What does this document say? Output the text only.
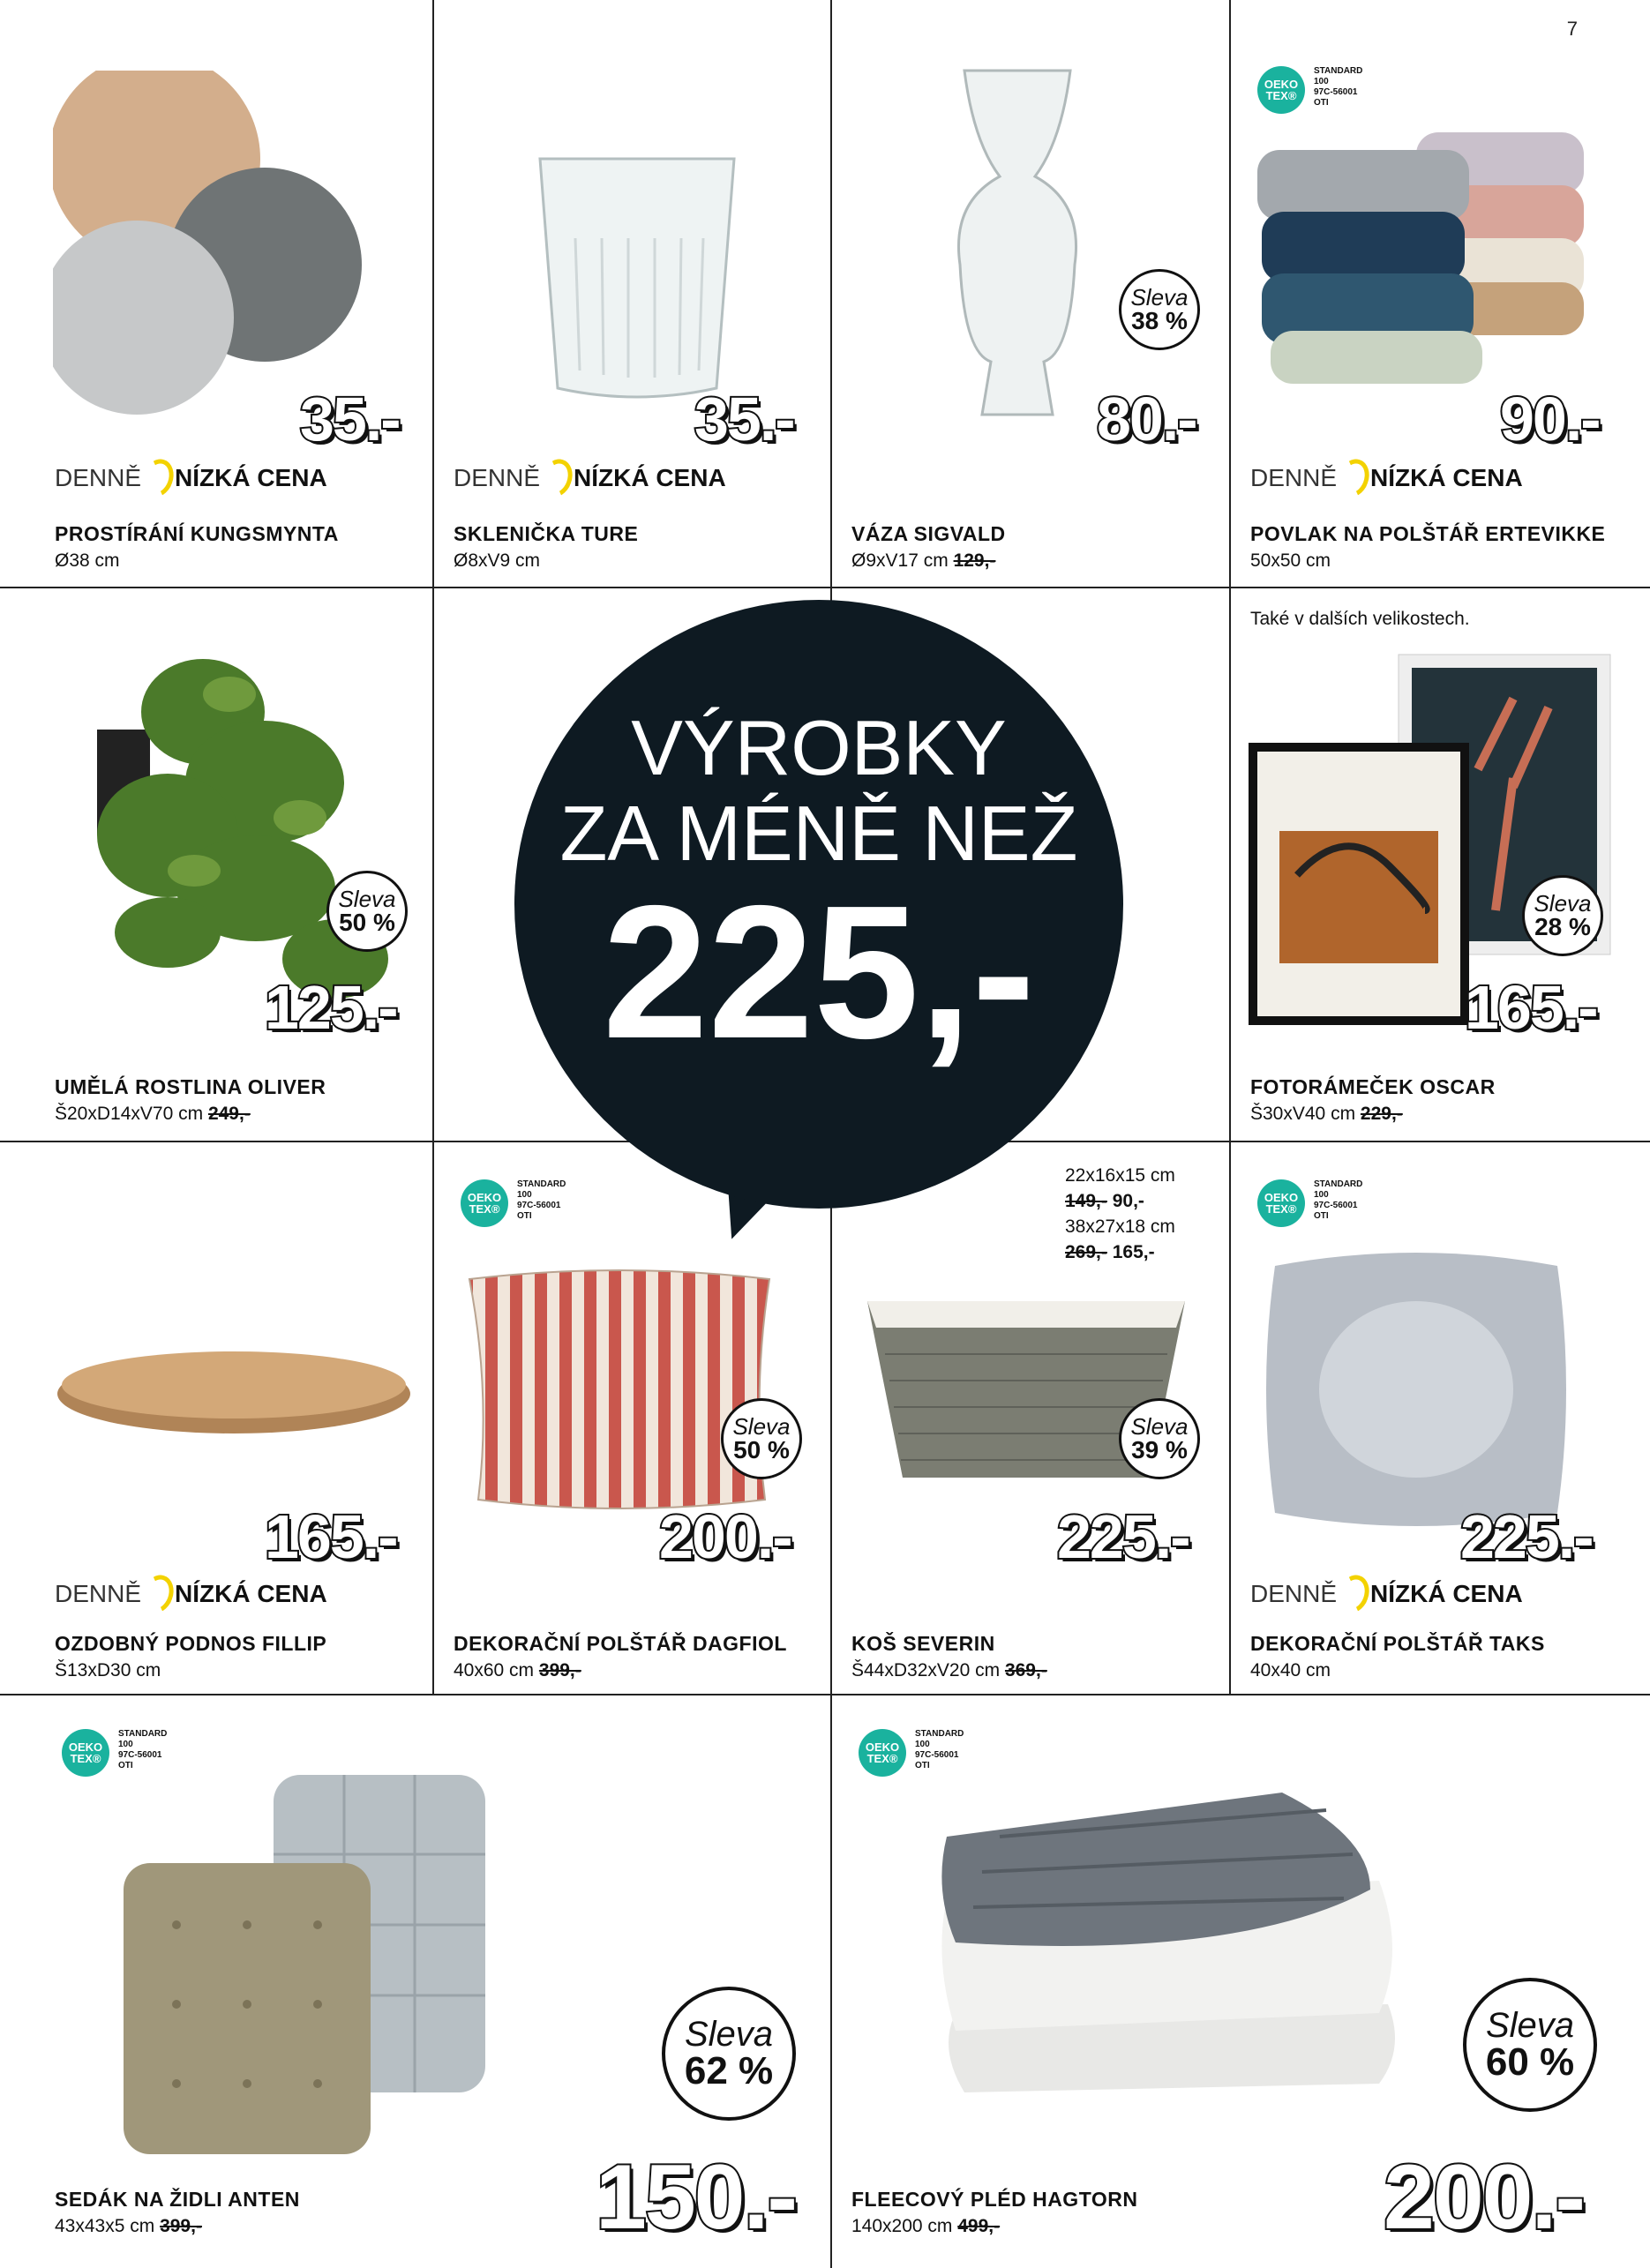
7
35.-
DENNĚ NÍZKÁ CENA
PROSTÍRÁNÍ KUNGSMYNTA
Ø38 cm
35.-
DENNĚ NÍZKÁ CENA
SKLENIČKA TURE
Ø8xV9 cm
Sleva
38 %
80.-
VÁZA SIGVALD
Ø9xV17 cm 129,-
OEKO TEX®
STANDARD
100
97C-56001
OTI
90.-
DENNĚ NÍZKÁ CENA
POVLAK NA POLŠTÁŘ ERTEVIKKE
50x50 cm
Sleva
50 %
125.-
UMĚLÁ ROSTLINA OLIVER
Š20xD14xV70 cm 249,-
Také v dalších velikostech.
Sleva
28 %
165.-
FOTORÁMEČEK OSCAR
Š30xV40 cm 229,-
165.-
DENNĚ NÍZKÁ CENA
OZDOBNÝ PODNOS FILLIP
Š13xD30 cm
OEKO TEX®
STANDARD
100
97C-56001
OTI
Sleva
50 %
200.-
DEKORAČNÍ POLŠTÁŘ DAGFIOL
40x60 cm 399,-
Sleva
39 %
225.-
KOŠ SEVERIN
Š44xD32xV20 cm 369,-
OEKO TEX®
STANDARD
100
97C-56001
OTI
225.-
DENNĚ NÍZKÁ CENA
DEKORAČNÍ POLŠTÁŘ TAKS
40x40 cm
VÝROBKY
ZA MÉNĚ NEŽ
225,-
22x16x15 cm
149,- 90,-
38x27x18 cm
269,- 165,-
OEKO TEX®
STANDARD
100
97C-56001
OTI
Sleva
62 %
150.-
SEDÁK NA ŽIDLI ANTEN
43x43x5 cm 399,-
OEKO TEX®
STANDARD
100
97C-56001
OTI
Sleva
60 %
200.-
FLEECOVÝ PLÉD HAGTORN
140x200 cm 499,-
